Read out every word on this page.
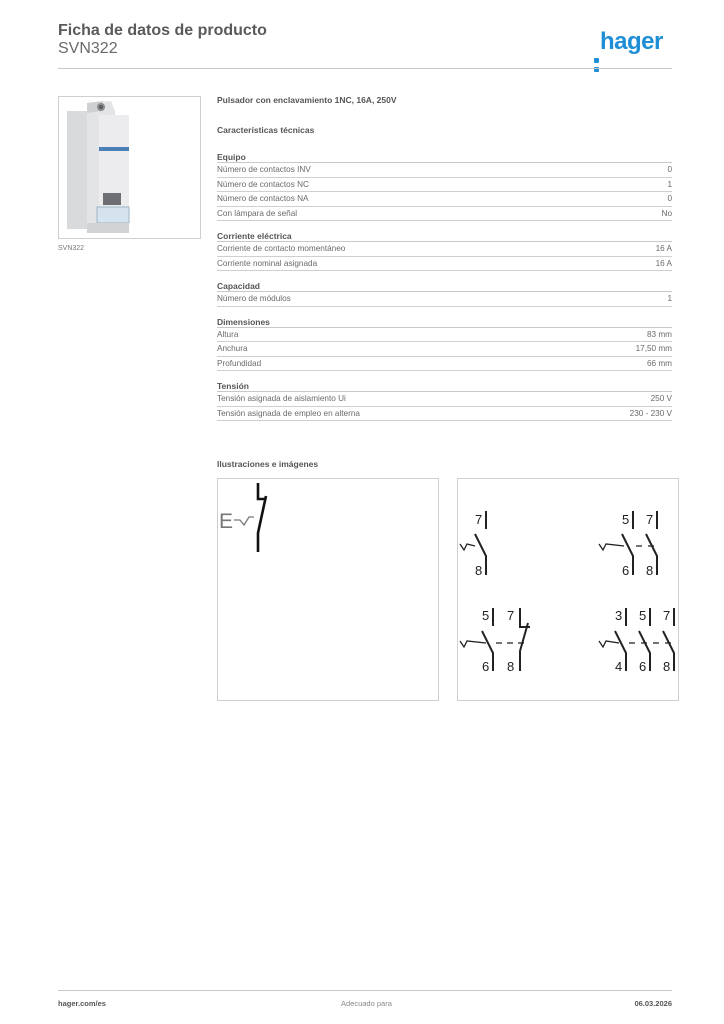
Ficha de datos de producto
SVN322	hager
SVN322
Pulsador con enclavamiento 1NC, 16A, 250V
Características técnicas
Equipo
Número de contactos INV	0
Número de contactos NC	1
Número de contactos NA	0
Con lámpara de señal	No
Corriente eléctrica
Corriente de contacto momentáneo	16 A
Corriente nominal asignada	16 A
Capacidad
Número de módulos	1
Dimensiones
Altura	83 mm
Anchura	17,50 mm
Profundidad	66 mm
Tensión
Tensión asignada de aislamiento Ui	250 V
Tensión asignada de empleo en alterna	230 - 230 V
Ilustraciones e imágenes
E	7
8
5 7
6 8
5 7
6 8
3 5 7
4 6 8
hager.com/es	Adecuado para	06.03.2026
